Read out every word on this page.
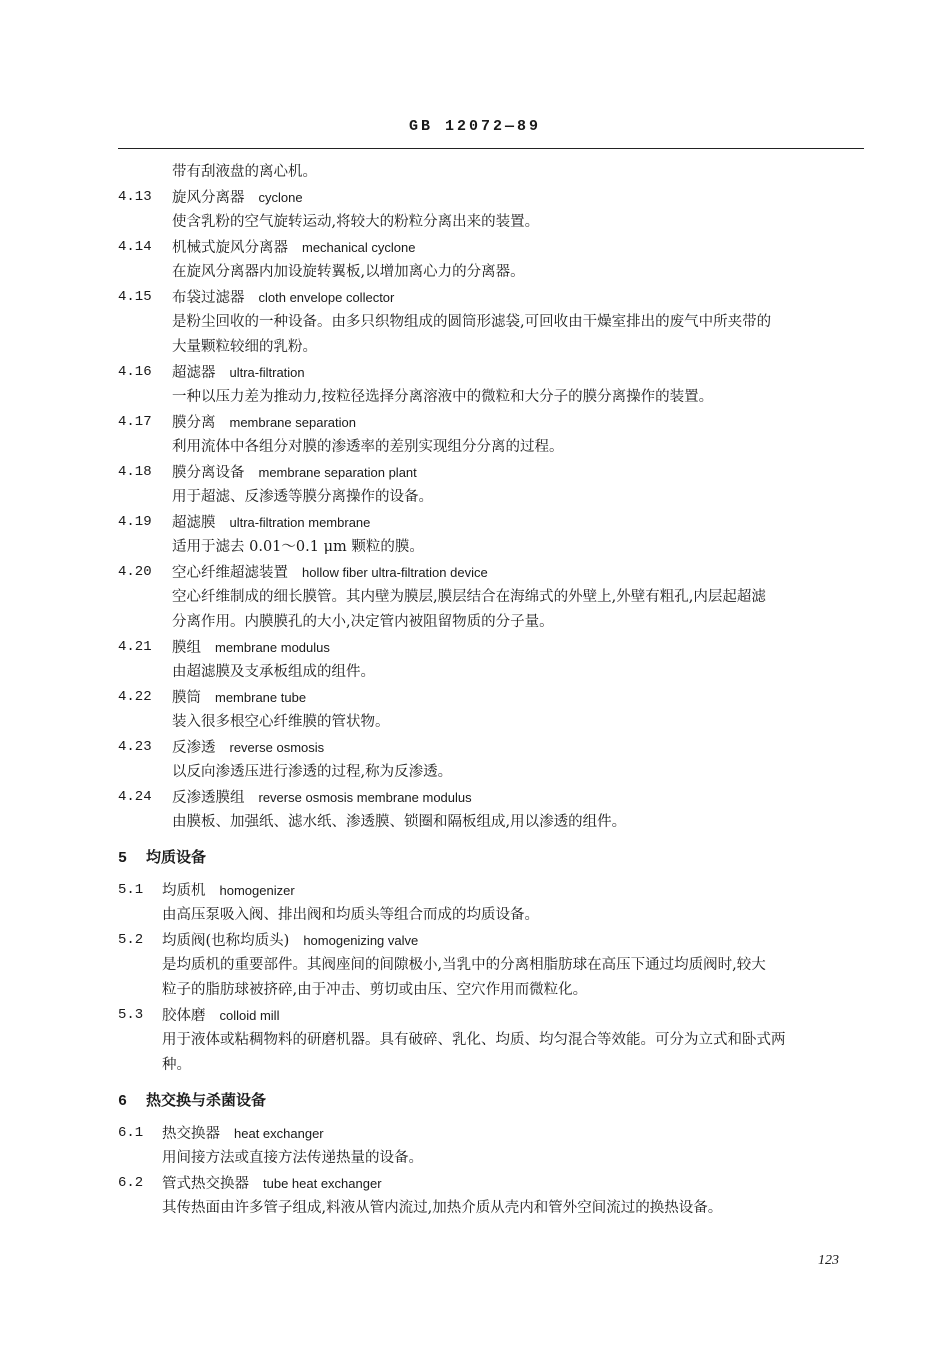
GB 12072—89
带有刮液盘的离心机。
4.13 旋风分离器 cyclone
使含乳粉的空气旋转运动,将较大的粉粒分离出来的装置。
4.14 机械式旋风分离器 mechanical cyclone
在旋风分离器内加设旋转翼板,以增加离心力的分离器。
4.15 布袋过滤器 cloth envelope collector
是粉尘回收的一种设备。由多只织物组成的圆筒形滤袋,可回收由干燥室排出的废气中所夹带的
大量颗粒较细的乳粉。
4.16 超滤器 ultra-filtration
一种以压力差为推动力,按粒径选择分离溶液中的微粒和大分子的膜分离操作的装置。
4.17 膜分离 membrane separation
利用流体中各组分对膜的渗透率的差别实现组分分离的过程。
4.18 膜分离设备 membrane separation plant
用于超滤、反渗透等膜分离操作的设备。
4.19 超滤膜 ultra-filtration membrane
适用于滤去 0.01～0.1 μm 颗粒的膜。
4.20 空心纤维超滤装置 hollow fiber ultra-filtration device
空心纤维制成的细长膜管。其内壁为膜层,膜层结合在海绵式的外壁上,外壁有粗孔,内层起超滤
分离作用。内膜膜孔的大小,决定管内被阻留物质的分子量。
4.21 膜组 membrane modulus
由超滤膜及支承板组成的组件。
4.22 膜筒 membrane tube
装入很多根空心纤维膜的管状物。
4.23 反渗透 reverse osmosis
以反向渗透压进行渗透的过程,称为反渗透。
4.24 反渗透膜组 reverse osmosis membrane modulus
由膜板、加强纸、滤水纸、渗透膜、锁圈和隔板组成,用以渗透的组件。
5 均质设备
5.1 均质机 homogenizer
由高压泵吸入阀、排出阀和均质头等组合而成的均质设备。
5.2 均质阀(也称均质头) homogenizing valve
是均质机的重要部件。其阀座间的间隙极小,当乳中的分离相脂肪球在高压下通过均质阀时,较大
粒子的脂肪球被挤碎,由于冲击、剪切或由压、空穴作用而微粒化。
5.3 胶体磨 colloid mill
用于液体或粘稠物料的研磨机器。具有破碎、乳化、均质、均匀混合等效能。可分为立式和卧式两
种。
6 热交换与杀菌设备
6.1 热交换器 heat exchanger
用间接方法或直接方法传递热量的设备。
6.2 管式热交换器 tube heat exchanger
其传热面由许多管子组成,料液从管内流过,加热介质从壳内和管外空间流过的换热设备。
123
